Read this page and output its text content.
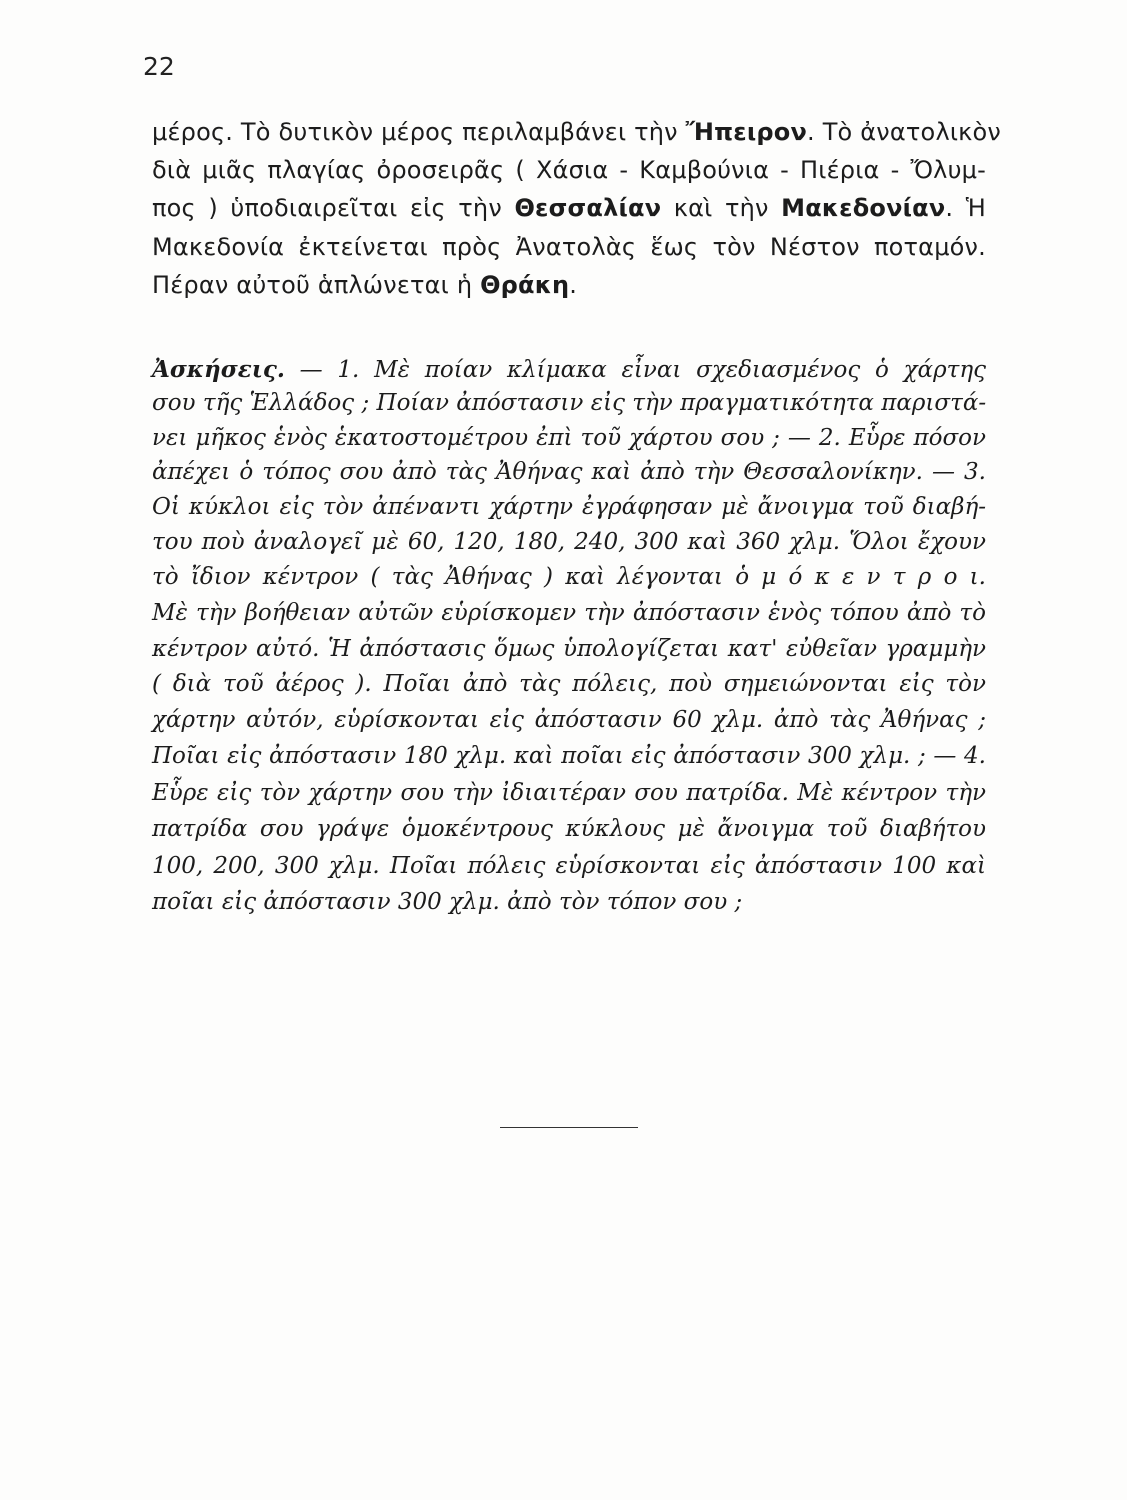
22
μέρος. Τὸ δυτικὸν μέρος περιλαμβάνει τὴν Ἤπειρον. Τὸ ἀνατολικὸν
διὰ μιᾶς πλαγίας ὀροσειρᾶς ( Χάσια - Καμβούνια - Πιέρια - Ὄλυμ-
πος ) ὑποδιαιρεῖται εἰς τὴν Θεσσαλίαν καὶ τὴν Μακεδονίαν. Ἡ
Μακεδονία ἐκτείνεται πρὸς Ἀνατολὰς ἕως τὸν Νέστον ποταμόν.
Πέραν αὐτοῦ ἁπλώνεται ἡ Θράκη.
Ἀσκήσεις. — 1. Μὲ ποίαν κλίμακα εἶναι σχεδιασμένος ὁ χάρτης
σου τῆς Ἑλλάδος ; Ποίαν ἀπόστασιν εἰς τὴν πραγματικότητα παριστά-
νει μῆκος ἑνὸς ἑκατοστομέτρου ἐπὶ τοῦ χάρτου σου ; — 2. Εὗρε πόσον
ἀπέχει ὁ τόπος σου ἀπὸ τὰς Ἀθήνας καὶ ἀπὸ τὴν Θεσσαλονίκην. — 3.
Οἱ κύκλοι εἰς τὸν ἀπέναντι χάρτην ἐγράφησαν μὲ ἄνοιγμα τοῦ διαβή-
του ποὺ ἀναλογεῖ μὲ 60, 120, 180, 240, 300 καὶ 360 χλμ. Ὅλοι ἔχουν
τὸ ἴδιον κέντρον ( τὰς Ἀθήνας ) καὶ λέγονται ὁ μ ό κ ε ν τ ρ ο ι.
Μὲ τὴν βοήθειαν αὐτῶν εὑρίσκομεν τὴν ἀπόστασιν ἑνὸς τόπου ἀπὸ τὸ
κέντρον αὐτό. Ἡ ἀπόστασις ὅμως ὑπολογίζεται κατ' εὐθεῖαν γραμμὴν
( διὰ τοῦ ἀέρος ). Ποῖαι ἀπὸ τὰς πόλεις, ποὺ σημειώνονται εἰς τὸν
χάρτην αὐτόν, εὑρίσκονται εἰς ἀπόστασιν 60 χλμ. ἀπὸ τὰς Ἀθήνας ;
Ποῖαι εἰς ἀπόστασιν 180 χλμ. καὶ ποῖαι εἰς ἀπόστασιν 300 χλμ. ; — 4.
Εὗρε εἰς τὸν χάρτην σου τὴν ἰδιαιτέραν σου πατρίδα. Μὲ κέντρον τὴν
πατρίδα σου γράψε ὁμοκέντρους κύκλους μὲ ἄνοιγμα τοῦ διαβήτου
100, 200, 300 χλμ. Ποῖαι πόλεις εὑρίσκονται εἰς ἀπόστασιν 100 καὶ
ποῖαι εἰς ἀπόστασιν 300 χλμ. ἀπὸ τὸν τόπον σου ;
